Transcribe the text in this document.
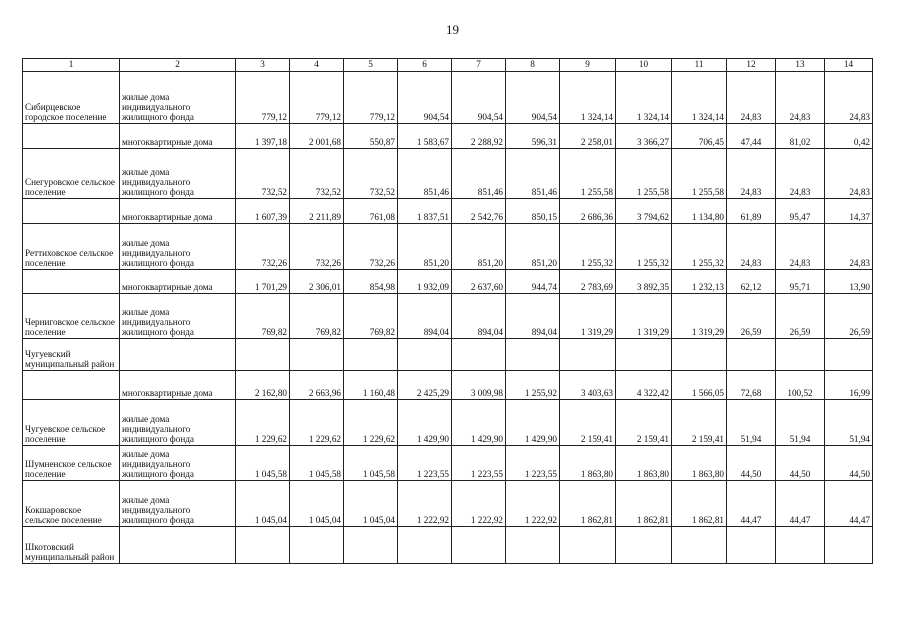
19
1	2	3	4	5	6	7	8	9	10	11	12	13	14
Сибирцевское городское поселение	жилые дома индивидуального жилищного фонда	779,12	779,12	779,12	904,54	904,54	904,54	1 324,14	1 324,14	1 324,14	24,83	24,83	24,83
	многоквартирные дома	1 397,18	2 001,68	550,87	1 583,67	2 288,92	596,31	2 258,01	3 366,27	706,45	47,44	81,02	0,42
Снегуровское сельское поселение	жилые дома индивидуального жилищного фонда	732,52	732,52	732,52	851,46	851,46	851,46	1 255,58	1 255,58	1 255,58	24,83	24,83	24,83
	многоквартирные дома	1 607,39	2 211,89	761,08	1 837,51	2 542,76	850,15	2 686,36	3 794,62	1 134,80	61,89	95,47	14,37
Реттиховское сельское поселение	жилые дома индивидуального жилищного фонда	732,26	732,26	732,26	851,20	851,20	851,20	1 255,32	1 255,32	1 255,32	24,83	24,83	24,83
	многоквартирные дома	1 701,29	2 306,01	854,98	1 932,09	2 637,60	944,74	2 783,69	3 892,35	1 232,13	62,12	95,71	13,90
Черниговское сельское поселение	жилые дома индивидуального жилищного фонда	769,82	769,82	769,82	894,04	894,04	894,04	1 319,29	1 319,29	1 319,29	26,59	26,59	26,59
Чугуевский муниципальный район													
	многоквартирные дома	2 162,80	2 663,96	1 160,48	2 425,29	3 009,98	1 255,92	3 403,63	4 322,42	1 566,05	72,68	100,52	16,99
Чугуевское сельское поселение	жилые дома индивидуального жилищного фонда	1 229,62	1 229,62	1 229,62	1 429,90	1 429,90	1 429,90	2 159,41	2 159,41	2 159,41	51,94	51,94	51,94
Шумненское сельское поселение	жилые дома индивидуального жилищного фонда	1 045,58	1 045,58	1 045,58	1 223,55	1 223,55	1 223,55	1 863,80	1 863,80	1 863,80	44,50	44,50	44,50
Кокшаровское сельское поселение	жилые дома индивидуального жилищного фонда	1 045,04	1 045,04	1 045,04	1 222,92	1 222,92	1 222,92	1 862,81	1 862,81	1 862,81	44,47	44,47	44,47
Шкотовский муниципальный район													
